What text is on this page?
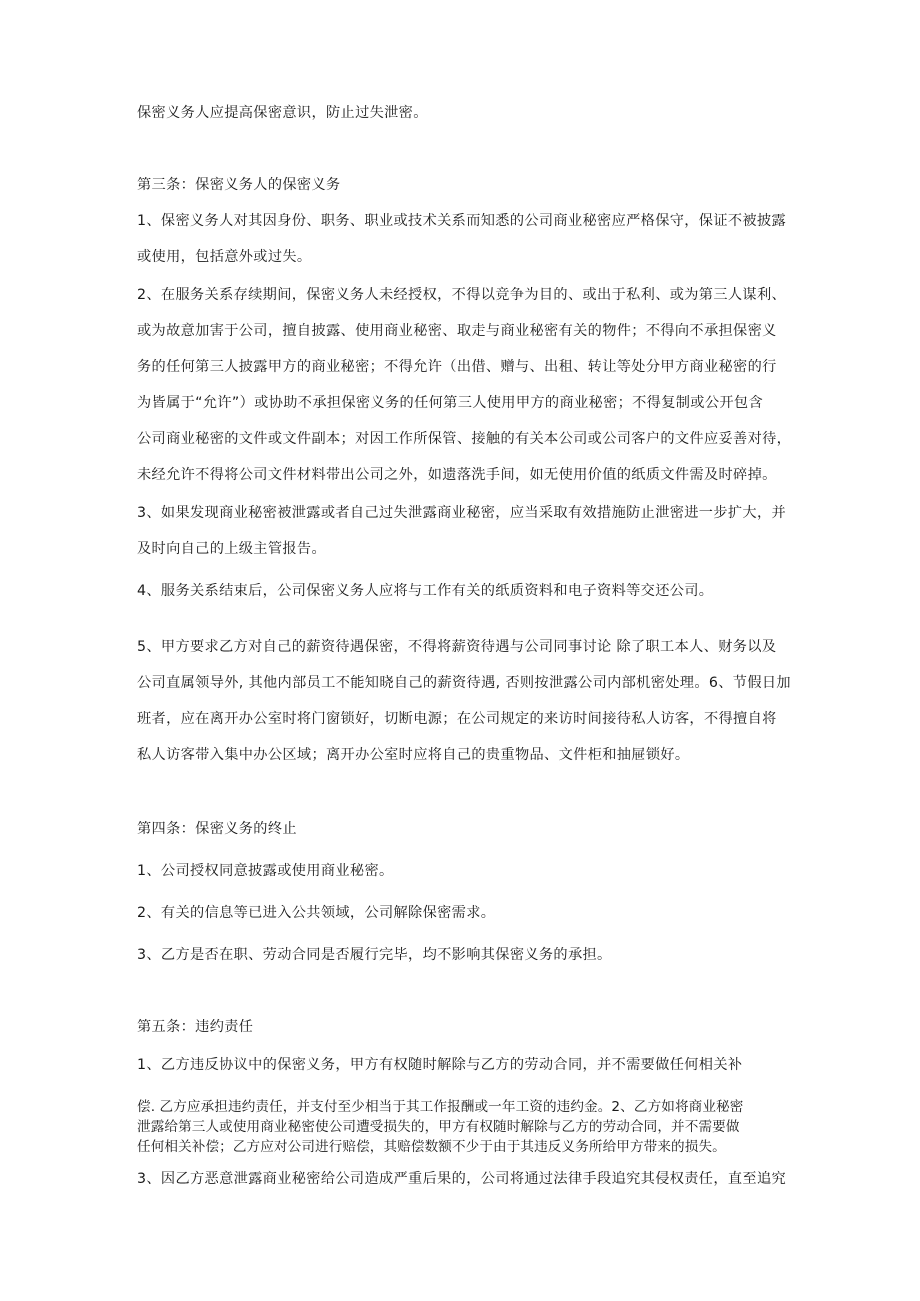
保密义务人应提高保密意识，防止过失泄密。
第三条：保密义务人的保密义务
1、保密义务人对其因身份、职务、职业或技术关系而知悉的公司商业秘密应严格保守，保证不被披露
或使用，包括意外或过失。
2、在服务关系存续期间，保密义务人未经授权，不得以竞争为目的、或出于私利、或为第三人谋利、
或为故意加害于公司，擅自披露、使用商业秘密、取走与商业秘密有关的物件；不得向不承担保密义
务的任何第三人披露甲方的商业秘密；不得允许（出借、赠与、出租、转让等处分甲方商业秘密的行
为皆属于“允许”）或协助不承担保密义务的任何第三人使用甲方的商业秘密；不得复制或公开包含
公司商业秘密的文件或文件副本；对因工作所保管、接触的有关本公司或公司客户的文件应妥善对待，
未经允许不得将公司文件材料带出公司之外，如遗落洗手间，如无使用价值的纸质文件需及时碎掉。
3、如果发现商业秘密被泄露或者自己过失泄露商业秘密，应当采取有效措施防止泄密进一步扩大，并
及时向自己的上级主管报告。
4、服务关系结束后，公司保密义务人应将与工作有关的纸质资料和电子资料等交还公司。
5、甲方要求乙方对自己的薪资待遇保密，不得将薪资待遇与公司同事讨论 除了职工本人、财务以及
公司直属领导外, 其他内部员工不能知晓自己的薪资待遇, 否则按泄露公司内部机密处理。6、节假日加
班者，应在离开办公室时将门窗锁好，切断电源；在公司规定的来访时间接待私人访客，不得擅自将
私人访客带入集中办公区域；离开办公室时应将自己的贵重物品、文件柜和抽屉锁好。
第四条：保密义务的终止
1、公司授权同意披露或使用商业秘密。
2、有关的信息等已进入公共领域，公司解除保密需求。
3、乙方是否在职、劳动合同是否履行完毕，均不影响其保密义务的承担。
第五条：违约责任
1、乙方违反协议中的保密义务，甲方有权随时解除与乙方的劳动合同，并不需要做任何相关补
偿. 乙方应承担违约责任，并支付至少相当于其工作报酬或一年工资的违约金。2、乙方如将商业秘密
泄露给第三人或使用商业秘密使公司遭受损失的，甲方有权随时解除与乙方的劳动合同，并不需要做
任何相关补偿；乙方应对公司进行赔偿，其赔偿数额不少于由于其违反义务所给甲方带来的损失。
3、因乙方恶意泄露商业秘密给公司造成严重后果的，公司将通过法律手段追究其侵权责任，直至追究
